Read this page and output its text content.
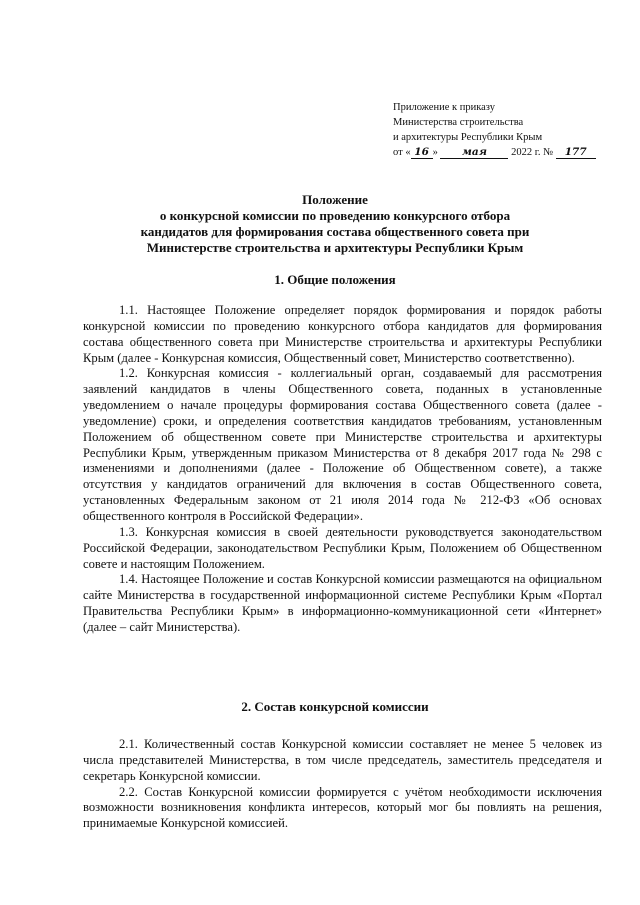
Приложение к приказу
Министерства строительства
и архитектуры Республики Крым
от « 16 » мая 2022 г. № 177
Положение
о конкурсной комиссии по проведению конкурсного отбора
кандидатов для формирования состава общественного совета при
Министерстве строительства и архитектуры Республики Крым
1. Общие положения

1.1. Настоящее Положение определяет порядок формирования и порядок работы конкурсной комиссии по проведению конкурсного отбора кандидатов для формирования состава общественного совета при Министерстве строительства и архитектуры Республики Крым (далее - Конкурсная комиссия, Общественный совет, Министерство соответственно).

1.2. Конкурсная комиссия - коллегиальный орган, создаваемый для рассмотрения заявлений кандидатов в члены Общественного совета, поданных в установленные уведомлением о начале процедуры формирования состава Общественного совета (далее - уведомление) сроки, и определения соответствия кандидатов требованиям, установленным Положением об общественном совете при Министерстве строительства и архитектуры Республики Крым, утвержденным приказом Министерства от 8 декабря 2017 года № 298 с изменениями и дополнениями (далее - Положение об Общественном совете), а также отсутствия у кандидатов ограничений для включения в состав Общественного совета, установленных Федеральным законом от 21 июля 2014 года № 212-ФЗ «Об основах общественного контроля в Российской Федерации».

1.3. Конкурсная комиссия в своей деятельности руководствуется законодательством Российской Федерации, законодательством Республики Крым, Положением об Общественном совете и настоящим Положением.

1.4. Настоящее Положение и состав Конкурсной комиссии размещаются на официальном сайте Министерства в государственной информационной системе Республики Крым «Портал Правительства Республики Крым» в информационно-коммуникационной сети «Интернет» (далее – сайт Министерства).

2. Состав конкурсной комиссии

2.1. Количественный состав Конкурсной комиссии составляет не менее 5 человек из числа представителей Министерства, в том числе председатель, заместитель председателя и секретарь Конкурсной комиссии.

2.2. Состав Конкурсной комиссии формируется с учётом необходимости исключения возможности возникновения конфликта интересов, который мог бы повлиять на решения, принимаемые Конкурсной комиссией.
